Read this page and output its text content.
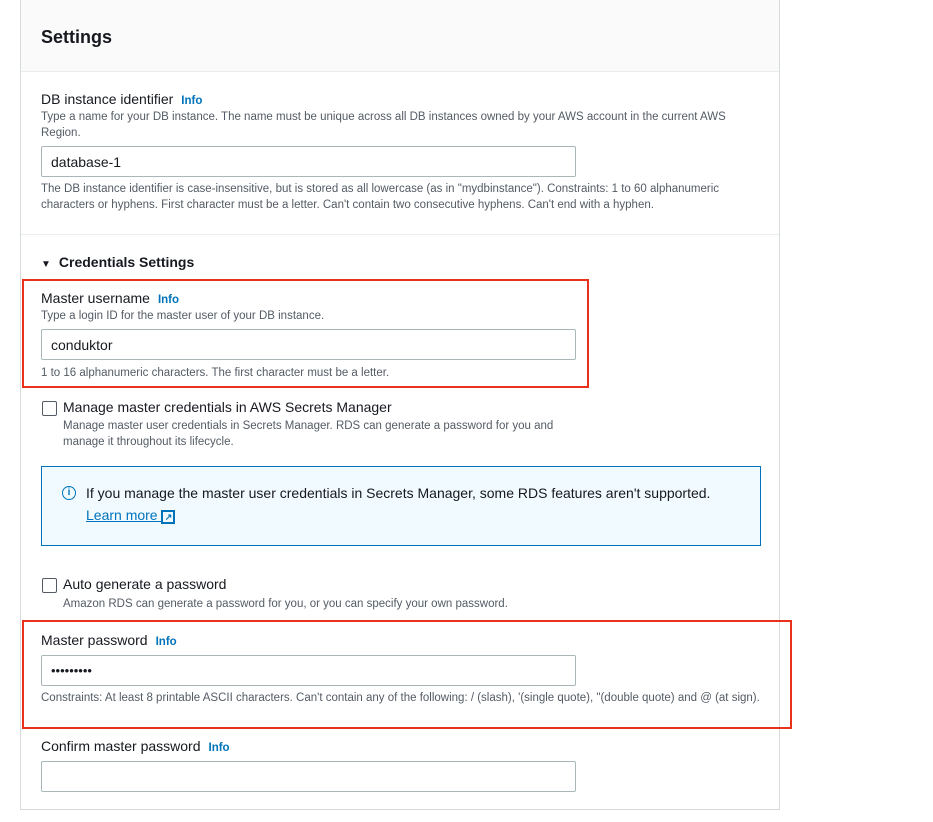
Settings
DB instance identifier Info
Type a name for your DB instance. The name must be unique across all DB instances owned by your AWS account in the current AWS Region.
database-1
The DB instance identifier is case-insensitive, but is stored as all lowercase (as in "mydbinstance"). Constraints: 1 to 60 alphanumeric characters or hyphens. First character must be a letter. Can't contain two consecutive hyphens. Can't end with a hyphen.
▼ Credentials Settings
Master username Info
Type a login ID for the master user of your DB instance.
conduktor
1 to 16 alphanumeric characters. The first character must be a letter.
Manage master credentials in AWS Secrets Manager
Manage master user credentials in Secrets Manager. RDS can generate a password for you and manage it throughout its lifecycle.
i	If you manage the master user credentials in Secrets Manager, some RDS features aren't supported.
Learn more ↗
Auto generate a password
Amazon RDS can generate a password for you, or you can specify your own password.
Master password Info
•••••••••
Constraints: At least 8 printable ASCII characters. Can't contain any of the following: / (slash), '(single quote), "(double quote) and @ (at sign).
Confirm master password Info
